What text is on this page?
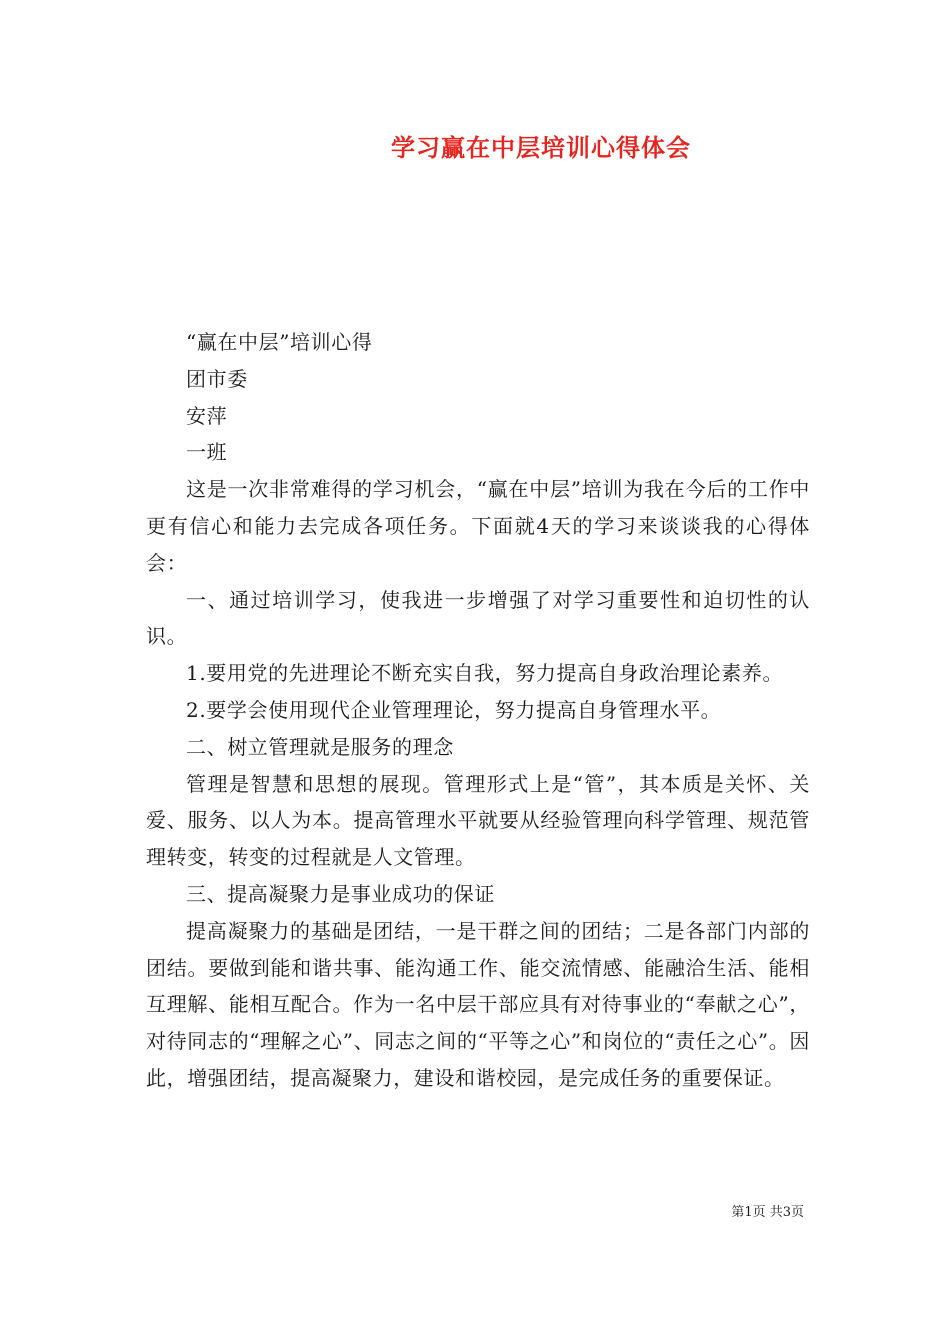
学习赢在中层培训心得体会

“赢在中层”培训心得

团市委

安萍

一班

这是一次非常难得的学习机会，“赢在中层”培训为我在今后的工作中更有信心和能力去完成各项任务。下面就4天的学习来谈谈我的心得体会：

一、通过培训学习，使我进一步增强了对学习重要性和迫切性的认识。

1.要用党的先进理论不断充实自我，努力提高自身政治理论素养。

2.要学会使用现代企业管理理论，努力提高自身管理水平。

二、树立管理就是服务的理念

管理是智慧和思想的展现。管理形式上是“管”，其本质是关怀、关爱、服务、以人为本。提高管理水平就要从经验管理向科学管理、规范管理转变，转变的过程就是人文管理。

三、提高凝聚力是事业成功的保证

提高凝聚力的基础是团结，一是干群之间的团结；二是各部门内部的团结。要做到能和谐共事、能沟通工作、能交流情感、能融洽生活、能相互理解、能相互配合。作为一名中层干部应具有对待事业的“奉献之心”，对待同志的“理解之心”、同志之间的“平等之心”和岗位的“责任之心”。因此，增强团结，提高凝聚力，建设和谐校园，是完成任务的重要保证。

第1页 共3页
